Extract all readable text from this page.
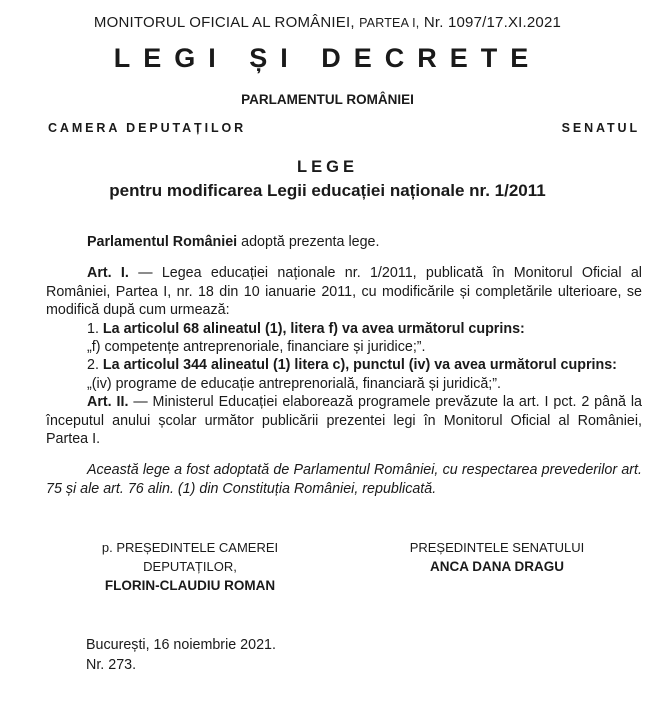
MONITORUL OFICIAL AL ROMÂNIEI, PARTEA I, Nr. 1097/17.XI.2021
LEGI ȘI DECRETE
PARLAMENTUL ROMÂNIEI
CAMERA DEPUTAȚILOR	SENATUL
LEGE
pentru modificarea Legii educației naționale nr. 1/2011

Parlamentul României adoptă prezenta lege.

Art. I. — Legea educației naționale nr. 1/2011, publicată în Monitorul Oficial al României, Partea I, nr. 18 din 10 ianuarie 2011, cu modificările și completările ulterioare, se modifică după cum urmează:

1. La articolul 68 alineatul (1), litera f) va avea următorul cuprins:

„f) competențe antreprenoriale, financiare și juridice;”.

2. La articolul 344 alineatul (1) litera c), punctul (iv) va avea următorul cuprins:

„(iv) programe de educație antreprenorială, financiară și juridică;”.

Art. II. — Ministerul Educației elaborează programele prevăzute la art. I pct. 2 până la începutul anului școlar următor publicării prezentei legi în Monitorul Oficial al României, Partea I.

Această lege a fost adoptată de Parlamentul României, cu respectarea prevederilor art. 75 și ale art. 76 alin. (1) din Constituția României, republicată.

p. PREȘEDINTELE CAMEREI
DEPUTAȚILOR,
FLORIN-CLAUDIU ROMAN
PREȘEDINTELE SENATULUI
ANCA DANA DRAGU
București, 16 noiembrie 2021.
Nr. 273.
